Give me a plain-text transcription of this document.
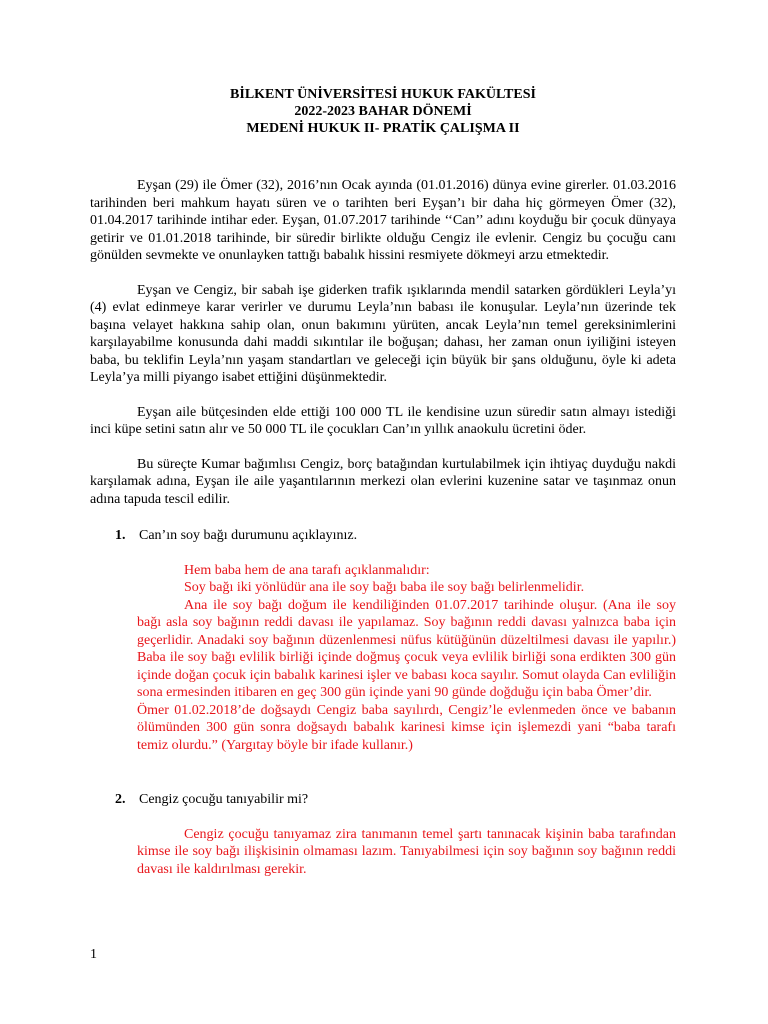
BİLKENT ÜNİVERSİTESİ HUKUK FAKÜLTESİ

2022-2023 BAHAR DÖNEMİ

MEDENİ HUKUK II- PRATİK ÇALIŞMA II

Eyşan (29) ile Ömer (32), 2016’nın Ocak ayında (01.01.2016) dünya evine girerler. 01.03.2016 tarihinden beri mahkum hayatı süren ve o tarihten beri Eyşan’ı bir daha hiç görmeyen Ömer (32), 01.04.2017 tarihinde intihar eder. Eyşan, 01.07.2017 tarihinde ‘‘Can’’ adını koyduğu bir çocuk dünyaya getirir ve 01.01.2018 tarihinde, bir süredir birlikte olduğu Cengiz ile evlenir. Cengiz bu çocuğu canı gönülden sevmekte ve onunlayken tattığı babalık hissini resmiyete dökmeyi arzu etmektedir.

Eyşan ve Cengiz, bir sabah işe giderken trafik ışıklarında mendil satarken gördükleri Leyla’yı (4) evlat edinmeye karar verirler ve durumu Leyla’nın babası ile konuşular. Leyla’nın üzerinde tek başına velayet hakkına sahip olan, onun bakımını yürüten, ancak Leyla’nın temel gereksinimlerini karşılayabilme konusunda dahi maddi sıkıntılar ile boğuşan; dahası, her zaman onun iyiliğini isteyen baba, bu teklifin Leyla’nın yaşam standartları ve geleceği için büyük bir şans olduğunu, öyle ki adeta Leyla’ya milli piyango isabet ettiğini düşünmektedir.

Eyşan aile bütçesinden elde ettiği 100 000 TL ile kendisine uzun süredir satın almayı istediği inci küpe setini satın alır ve 50 000 TL ile çocukları Can’ın yıllık anaokulu ücretini öder.

Bu süreçte Kumar bağımlısı Cengiz, borç batağından kurtulabilmek için ihtiyaç duyduğu nakdi karşılamak adına, Eyşan ile aile yaşantılarının merkezi olan evlerini kuzenine satar ve taşınmaz onun adına tapuda tescil edilir.

1. Can’ın soy bağı durumunu açıklayınız.

Hem baba hem de ana tarafı açıklanmalıdır:

Soy bağı iki yönlüdür ana ile soy bağı baba ile soy bağı belirlenmelidir.

Ana ile soy bağı doğum ile kendiliğinden 01.07.2017 tarihinde oluşur. (Ana ile soy bağı asla soy bağının reddi davası ile yapılamaz. Soy bağının reddi davası yalnızca baba için geçerlidir. Anadaki soy bağının düzenlenmesi nüfus kütüğünün düzeltilmesi davası ile yapılır.) Baba ile soy bağı evlilik birliği içinde doğmuş çocuk veya evlilik birliği sona erdikten 300 gün içinde doğan çocuk için babalık karinesi işler ve babası koca sayılır. Somut olayda Can evliliğin sona ermesinden itibaren en geç 300 gün içinde yani 90 günde doğduğu için baba Ömer’dir.

Ömer 01.02.2018’de doğsaydı Cengiz baba sayılırdı, Cengiz’le evlenmeden önce ve babanın ölümünden 300 gün sonra doğsaydı babalık karinesi kimse için işlemezdi yani “baba tarafı temiz olurdu.” (Yargıtay böyle bir ifade kullanır.)

2. Cengiz çocuğu tanıyabilir mi?

Cengiz çocuğu tanıyamaz zira tanımanın temel şartı tanınacak kişinin baba tarafından kimse ile soy bağı ilişkisinin olmaması lazım. Tanıyabilmesi için soy bağının soy bağının reddi davası ile kaldırılması gerekir.

1
